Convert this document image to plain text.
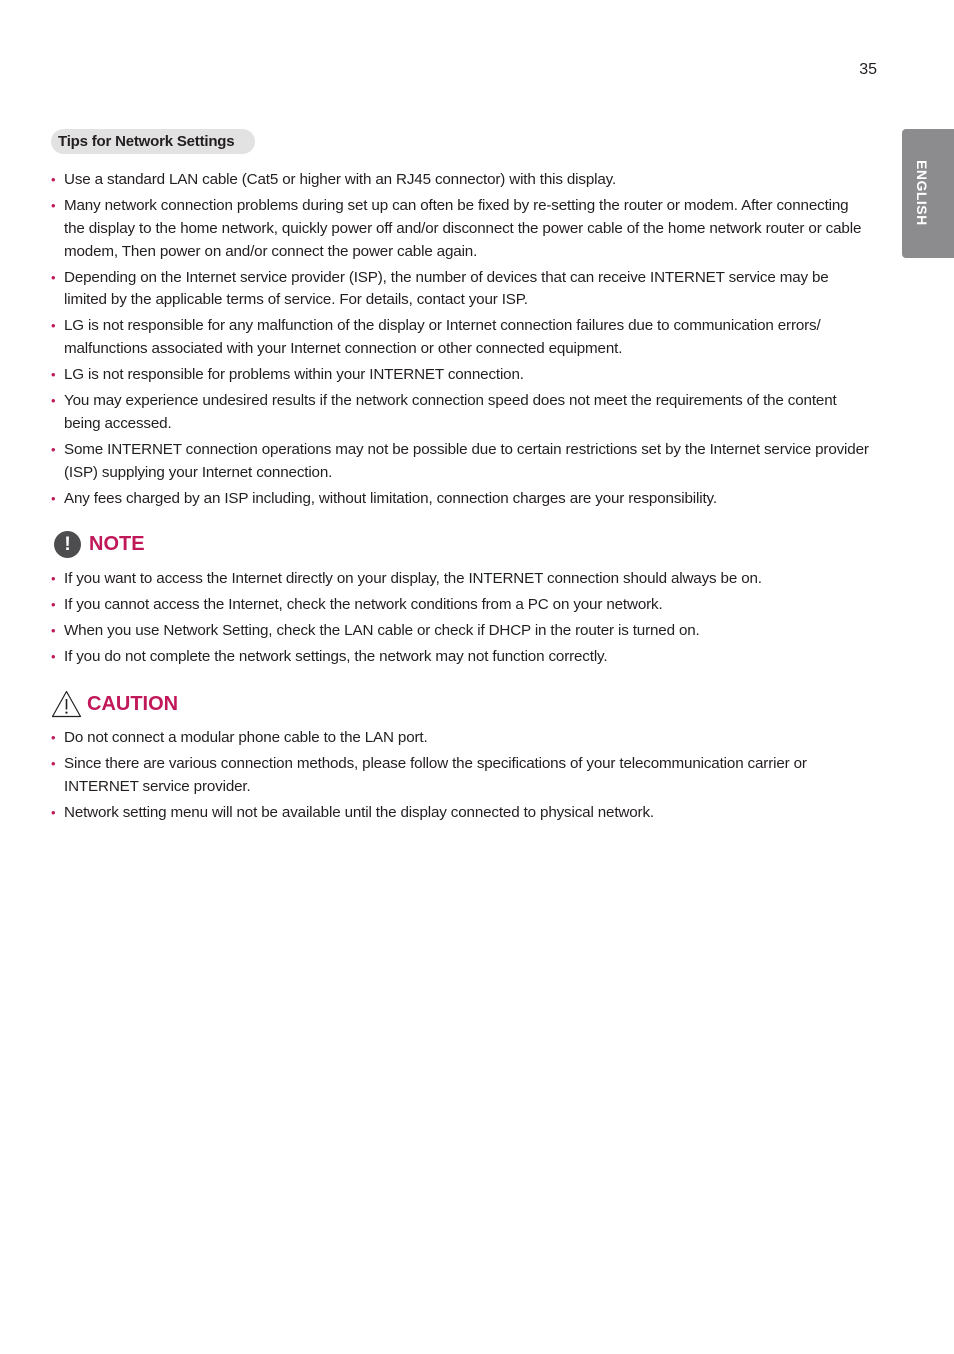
35
ENGLISH
Tips for Network Settings
• Use a standard LAN cable (Cat5 or higher with an RJ45 connector) with this display.
• Many network connection problems during set up can often be fixed by re-setting the router or modem. After connecting the display to the home network, quickly power off and/or disconnect the power cable of the home network router or cable modem, Then power on and/or connect the power cable again.
• Depending on the Internet service provider (ISP), the number of devices that can receive INTERNET service may be limited by the applicable terms of service. For details, contact your ISP.
• LG is not responsible for any malfunction of the display or Internet connection failures due to communication errors/ malfunctions associated with your Internet connection or other connected equipment.
• LG is not responsible for problems within your INTERNET connection.
• You may experience undesired results if the network connection speed does not meet the requirements of the content being accessed.
• Some INTERNET connection operations may not be possible due to certain restrictions set by the Internet service provider (ISP) supplying your Internet connection.
• Any fees charged by an ISP including, without limitation, connection charges are your responsibility.
! NOTE
• If you want to access the Internet directly on your display, the INTERNET connection should always be on.
• If you cannot access the Internet, check the network conditions from a PC on your network.
• When you use Network Setting, check the LAN cable or check if DHCP in the router is turned on.
• If you do not complete the network settings, the network may not function correctly.
CAUTION
• Do not connect a modular phone cable to the LAN port.
• Since there are various connection methods, please follow the specifications of your telecommunication carrier or INTERNET service provider.
• Network setting menu will not be available until the display connected to physical network.
